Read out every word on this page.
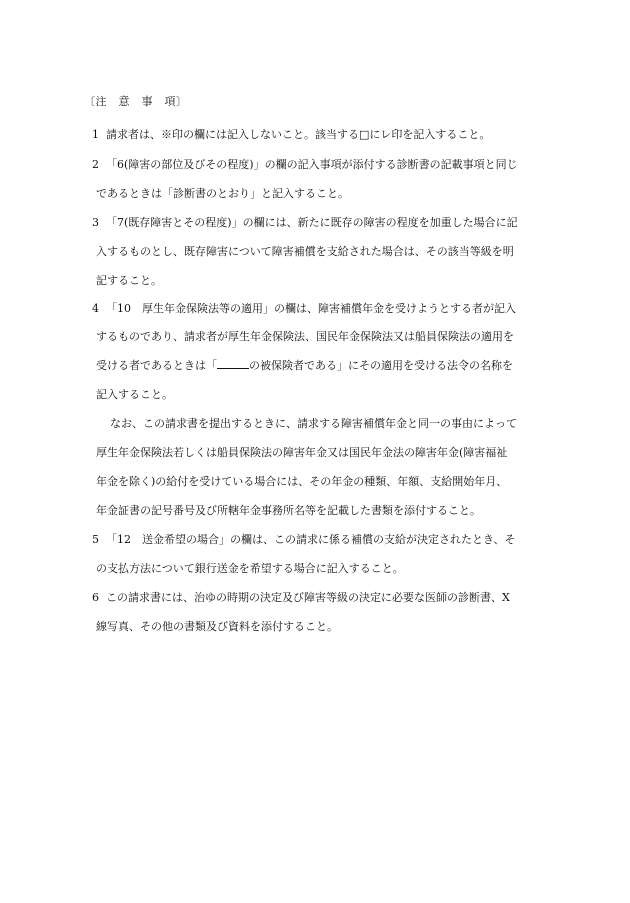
〔注　意　事　項〕
1 請求者は、※印の欄には記入しないこと。該当する□にレ印を記入すること。
2 「6(障害の部位及びその程度)」の欄の記入事項が添付する診断書の記載事項と同じ
であるときは「診断書のとおり」と記入すること。
3 「7(既存障害とその程度)」の欄には、新たに既存の障害の程度を加重した場合に記
入するものとし、既存障害について障害補償を支給された場合は、その該当等級を明
記すること。
4 「10　厚生年金保険法等の適用」の欄は、障害補償年金を受けようとする者が記入
するものであり、請求者が厚生年金保険法、国民年金保険法又は船員保険法の適用を
受ける者であるときは「	の被保険者である」にその適用を受ける法令の名称を
記入すること。
なお、この請求書を提出するときに、請求する障害補償年金と同一の事由によって
厚生年金保険法若しくは船員保険法の障害年金又は国民年金法の障害年金(障害福祉
年金を除く)の給付を受けている場合には、その年金の種類、年額、支給開始年月、
年金証書の記号番号及び所轄年金事務所名等を記載した書類を添付すること。
5 「12　送金希望の場合」の欄は、この請求に係る補償の支給が決定されたとき、そ
の支払方法について銀行送金を希望する場合に記入すること。
6 この請求書には、治ゆの時期の決定及び障害等級の決定に必要な医師の診断書、X
線写真、その他の書類及び資料を添付すること。
